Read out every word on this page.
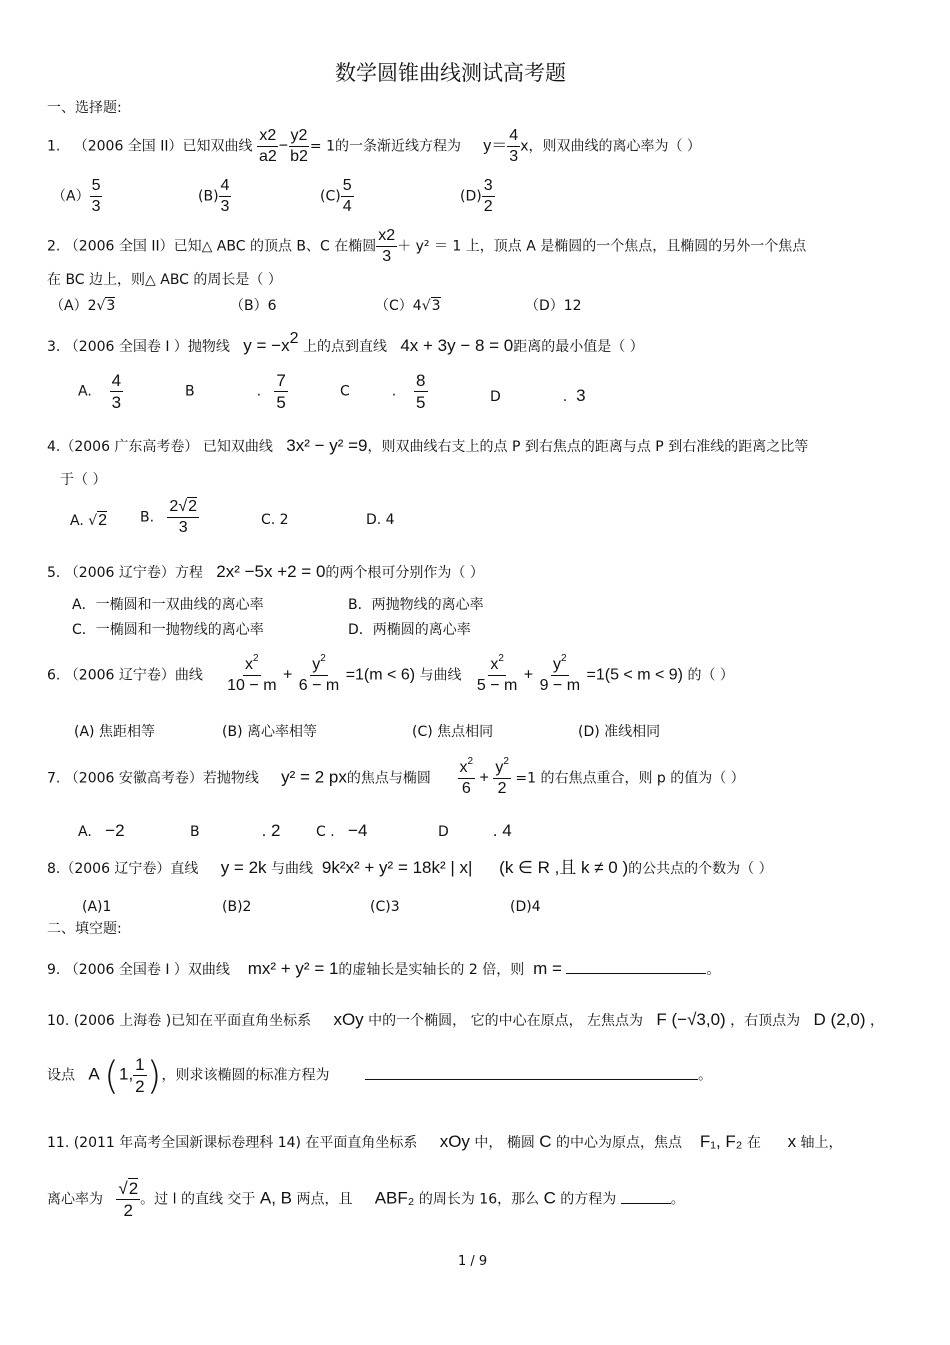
数学圆锥曲线测试高考题
一、选择题:
1. （2006 全国 II）已知双曲线 $\frac{x2}{a2} - \frac{y2}{b2} = 1$的一条渐近线方程为 $y= \frac{4}{3}$ x，则双曲线的离心率为（ ）
$(A) \frac{5}{3}$	$(B) \frac{4}{3}$	$(C) \frac{5}{4}$	$(D) \frac{3}{2}$
2. （2006 全国 II）已知△ ABC 的顶点 B、C 在椭圆 $\frac{x2}{3} + y^2 = 1$ 上，顶点 A 是椭圆的一个焦点，且椭圆的另外一个焦点
在 BC 边上，则△ ABC 的周长是（ ）
（A）2√3	（B）6	（C）4√3	（D）12
3. （2006 全国卷 I ）抛物线 $y = -x^2$ 上的点到直线 4x + 3y − 8 = 0距离的最小值是（ ）
A. $\frac{4}{3}$	B	. $\frac{7}{5}$	C	. $\frac{8}{5}$	D	. 3
4.（2006 广东高考卷） 已知双曲线 3x² − y² =9，则双曲线右支上的点 P 到右焦点的距离与点 P 到右准线的距离之比等
于（ ）
A. √2 B. $\frac{2√2}{3}$	C. 2	D. 4
5. （2006 辽宁卷）方程 2x² −5x +2 = 0的两个根可分别作为（ ）
A．一椭圆和一双曲线的离心率	B．两抛物线的离心率
C．一椭圆和一抛物线的离心率	D．两椭圆的离心率
6. （2006 辽宁卷）曲线 $\frac{x^2}{10 - m} + \frac{y^2}{6 - m} =1(m < 6)$ 与曲线 $\frac{x^2}{5 - m} + \frac{y^2}{9 - m} =1(5 < m < 9)$ 的（ ）
(A) 焦距相等	(B) 离心率相等	(C) 焦点相同	(D) 准线相同
7. （2006 安徽高考卷）若抛物线 y² = 2 px的焦点与椭圆 $\frac{x^2}{6} + \frac{y^2}{2} =1$ 的右焦点重合，则 p 的值为（ ）
A. −2	B	. 2	C . −4	D	. 4
8.（2006 辽宁卷）直线 y = 2k 与曲线 9k²x² + y² = 18k² | x| (k ∈ R ,且 k ≠ 0 )的公共点的个数为（ ）
(A)1	(B)2	(C)3	(D)4
二、填空题:
9. （2006 全国卷 I ）双曲线 mx² + y² = 1的虚轴长是实轴长的 2 倍，则 m =	。
10. (2006 上海卷 )已知在平面直角坐标系 xOy 中的一个椭圆， 它的中心在原点， 左焦点为 F (−√3,0) ，右顶点为 D (2,0) ，
设点 A (1, $\frac{1}{2}$ )，则求该椭圆的标准方程为	。
11. (2011 年高考全国新课标卷理科 14) 在平面直角坐标系 xOy 中， 椭圆 C 的中心为原点，焦点 F₁, F₂ 在 x 轴上，
离心率为 $\frac{√2}{2}$ 。过 l 的直线 交于 A, B 两点，且 ABF₂ 的周长为 16，那么 C 的方程为	。
1 / 9
